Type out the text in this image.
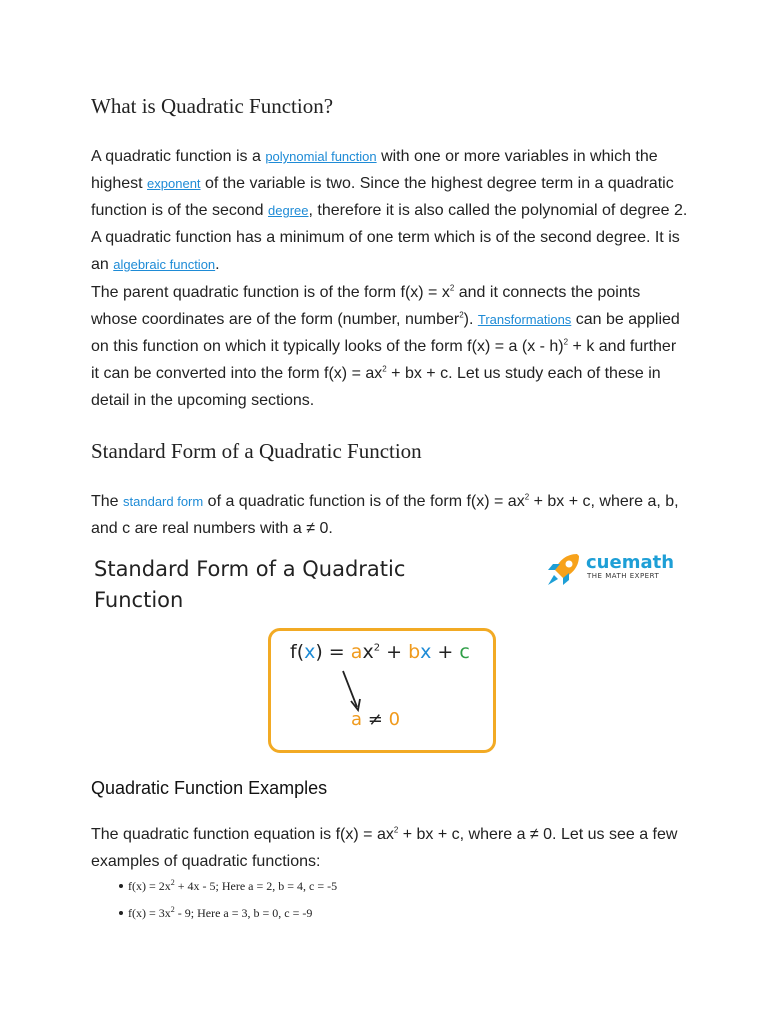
What is Quadratic Function?

A quadratic function is a polynomial function with one or more variables in which the highest exponent of the variable is two. Since the highest degree term in a quadratic function is of the second degree, therefore it is also called the polynomial of degree 2. A quadratic function has a minimum of one term which is of the second degree. It is an algebraic function.

The parent quadratic function is of the form $f(x) = x^2$ and it connects the points whose coordinates are of the form (number, number$^2$). Transformations can be applied on this function on which it typically looks of the form f(x) = a (x - h)$^2$ + k and further it can be converted into the form $f(x) = ax^2$ + bx + c. Let us study each of these in detail in the upcoming sections.

Standard Form of a Quadratic Function

The standard form of a quadratic function is of the form $f(x) = ax^2$ + bx + c, where a, b, and c are real numbers with a ≠ 0.

Standard Form of a Quadratic Function
cuemath
THE MATH EXPERT
$f(x) = ax^2$ + bx + c
a ≠ 0
Quadratic Function Examples

The quadratic function equation is $f(x) = ax^2$ + bx + c, where a ≠ 0. Let us see a few examples of quadratic functions:

$f(x) = 2x^2 + 4x - 5$; Here a = 2, b = 4, c = -5
$f(x) = 3x^2 - 9$; Here a = 3, b = 0, c = -9
